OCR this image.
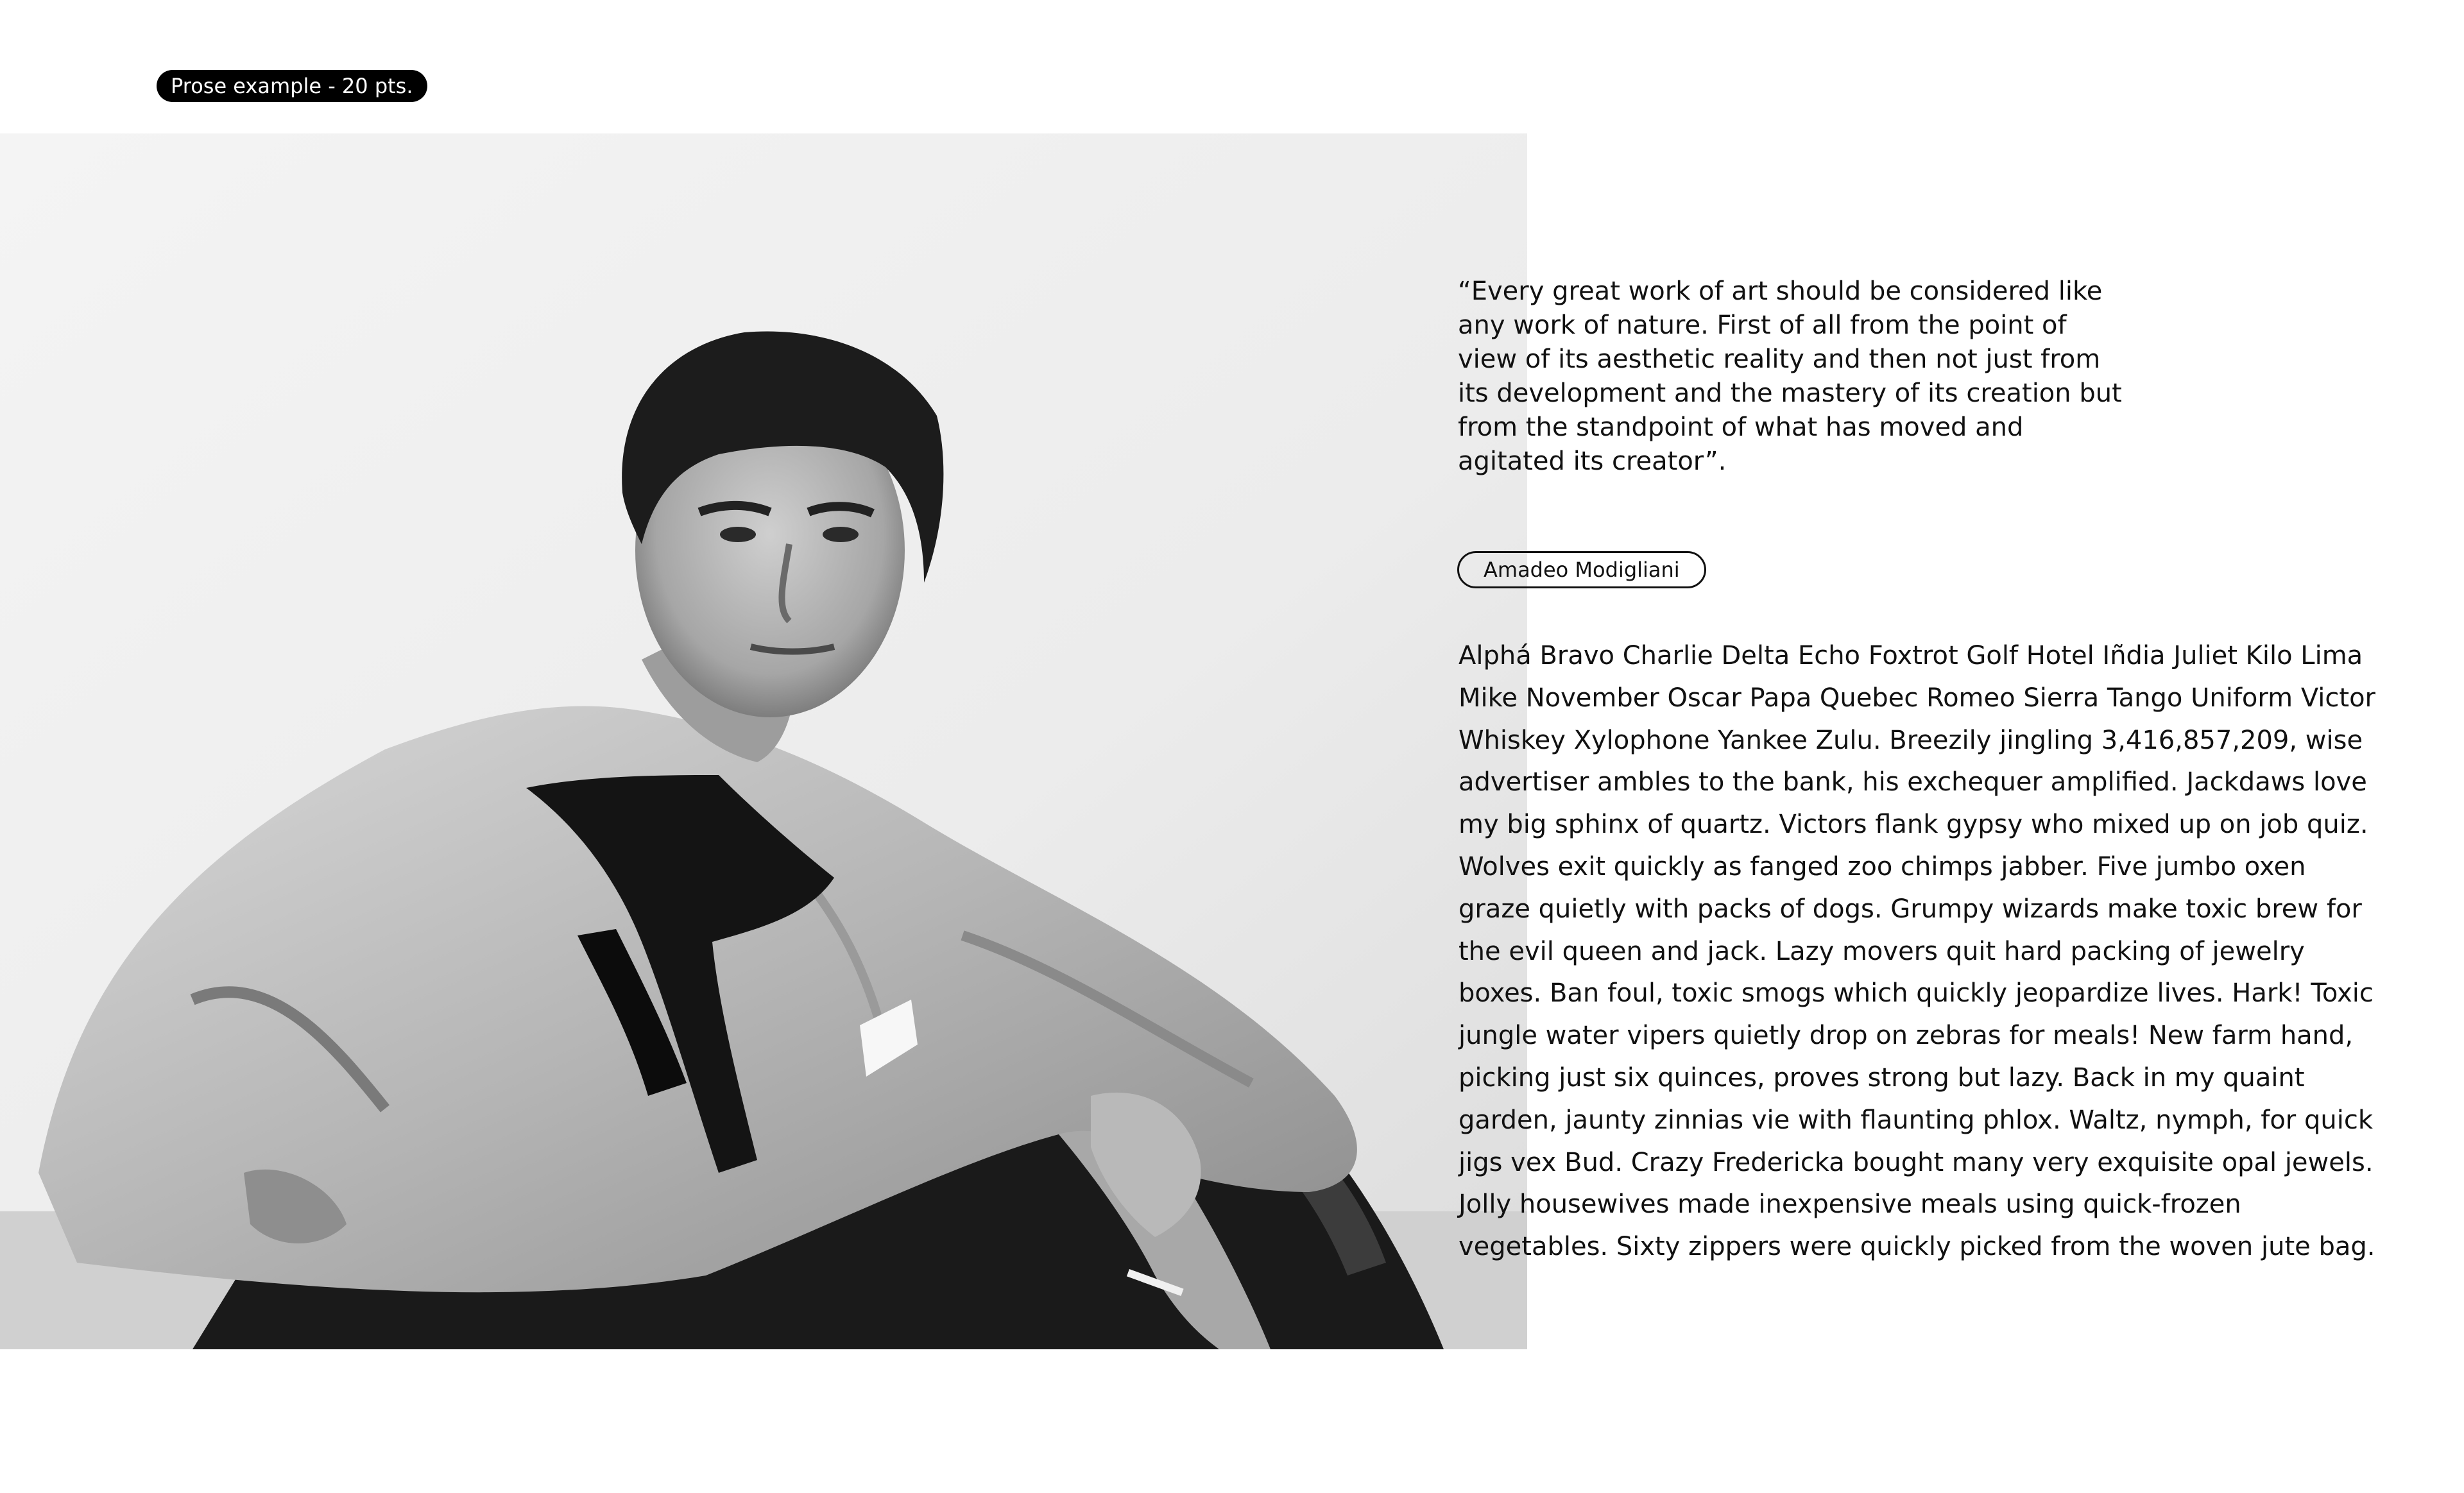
Prose example - 20 pts.

“Every great work of art should be considered like any work of nature. First of all from the point of view of its aesthetic reality and then not just from its development and the mastery of its creation but from the standpoint of what has moved and agitated its creator”.

Amadeo Modigliani

Alphá Bravo Charlie Delta Echo Foxtrot Golf Hotel Iñdia Juliet Kilo Lima Mike November Oscar Papa Quebec Romeo Sierra Tango Uniform Victor Whiskey Xylophone Yankee Zulu. Breezily jingling 3,416,857,209, wise advertiser ambles to the bank, his exchequer amplified. Jackdaws love my big sphinx of quartz. Victors flank gypsy who mixed up on job quiz. Wolves exit quickly as fanged zoo chimps jabber. Five jumbo oxen graze quietly with packs of dogs. Grumpy wizards make toxic brew for the evil queen and jack. Lazy movers quit hard packing of jewelry boxes. Ban foul, toxic smogs which quickly jeopardize lives. Hark! Toxic jungle water vipers quietly drop on zebras for meals! New farm hand, picking just six quinces, proves strong but lazy. Back in my quaint garden, jaunty zinnias vie with flaunting phlox. Waltz, nymph, for quick jigs vex Bud. Crazy Fredericka bought many very exquisite opal jewels. Jolly housewives made inexpensive meals using quick-frozen vegetables. Sixty zippers were quickly picked from the woven jute bag.
